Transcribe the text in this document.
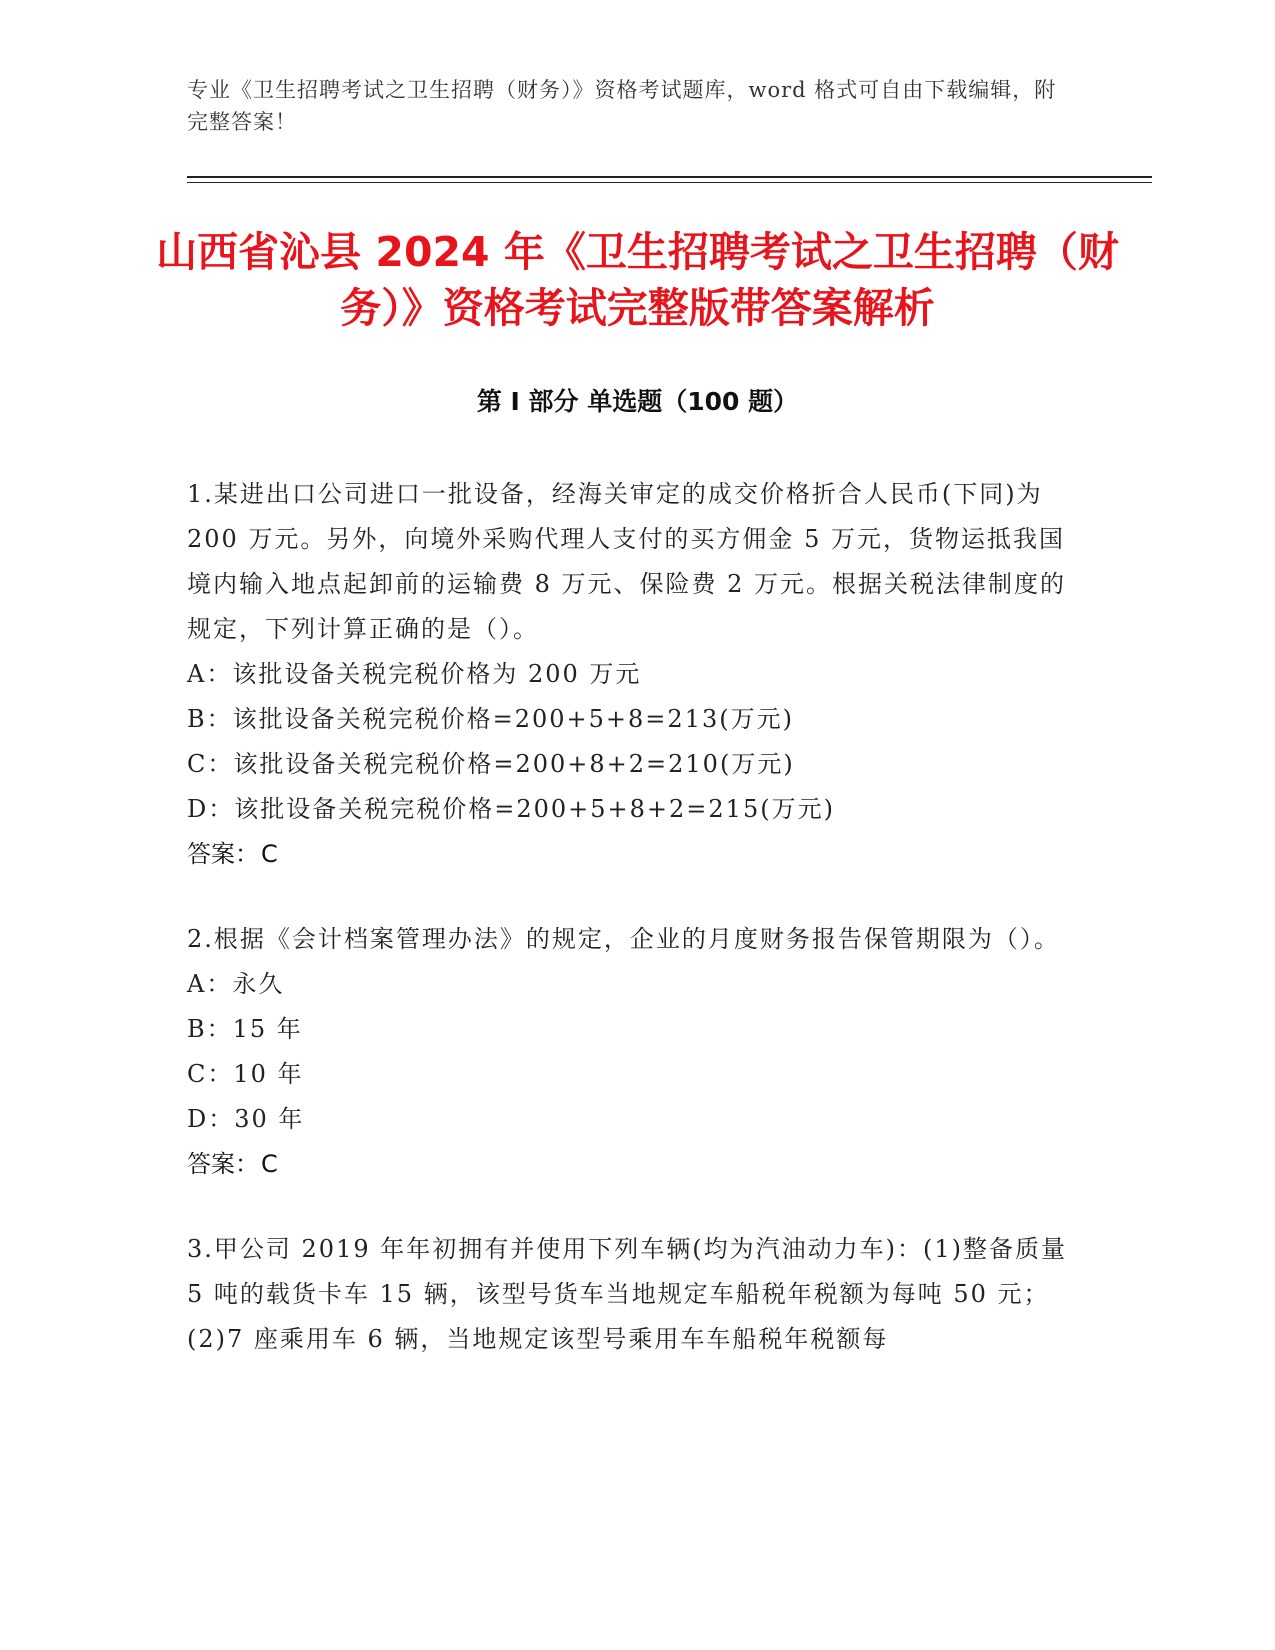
专业《卫生招聘考试之卫生招聘（财务）》资格考试题库，word 格式可自由下载编辑，附完整答案！
山西省沁县 2024 年《卫生招聘考试之卫生招聘（财务）》资格考试完整版带答案解析
第 I 部分 单选题（100 题）
1.某进出口公司进口一批设备，经海关审定的成交价格折合人民币(下同)为 200 万元。另外，向境外采购代理人支付的买方佣金 5 万元，货物运抵我国境内输入地点起卸前的运输费 8 万元、保险费 2 万元。根据关税法律制度的规定，下列计算正确的是（）。
A：该批设备关税完税价格为 200 万元
B：该批设备关税完税价格=200+5+8=213(万元)
C：该批设备关税完税价格=200+8+2=210(万元)
D：该批设备关税完税价格=200+5+8+2=215(万元)
答案：C
2.根据《会计档案管理办法》的规定，企业的月度财务报告保管期限为（）。
A：永久
B：15 年
C：10 年
D：30 年
答案：C
3.甲公司 2019 年年初拥有并使用下列车辆(均为汽油动力车)：(1)整备质量 5 吨的载货卡车 15 辆，该型号货车当地规定车船税年税额为每吨 50 元；(2)7 座乘用车 6 辆，当地规定该型号乘用车车船税年税额每
